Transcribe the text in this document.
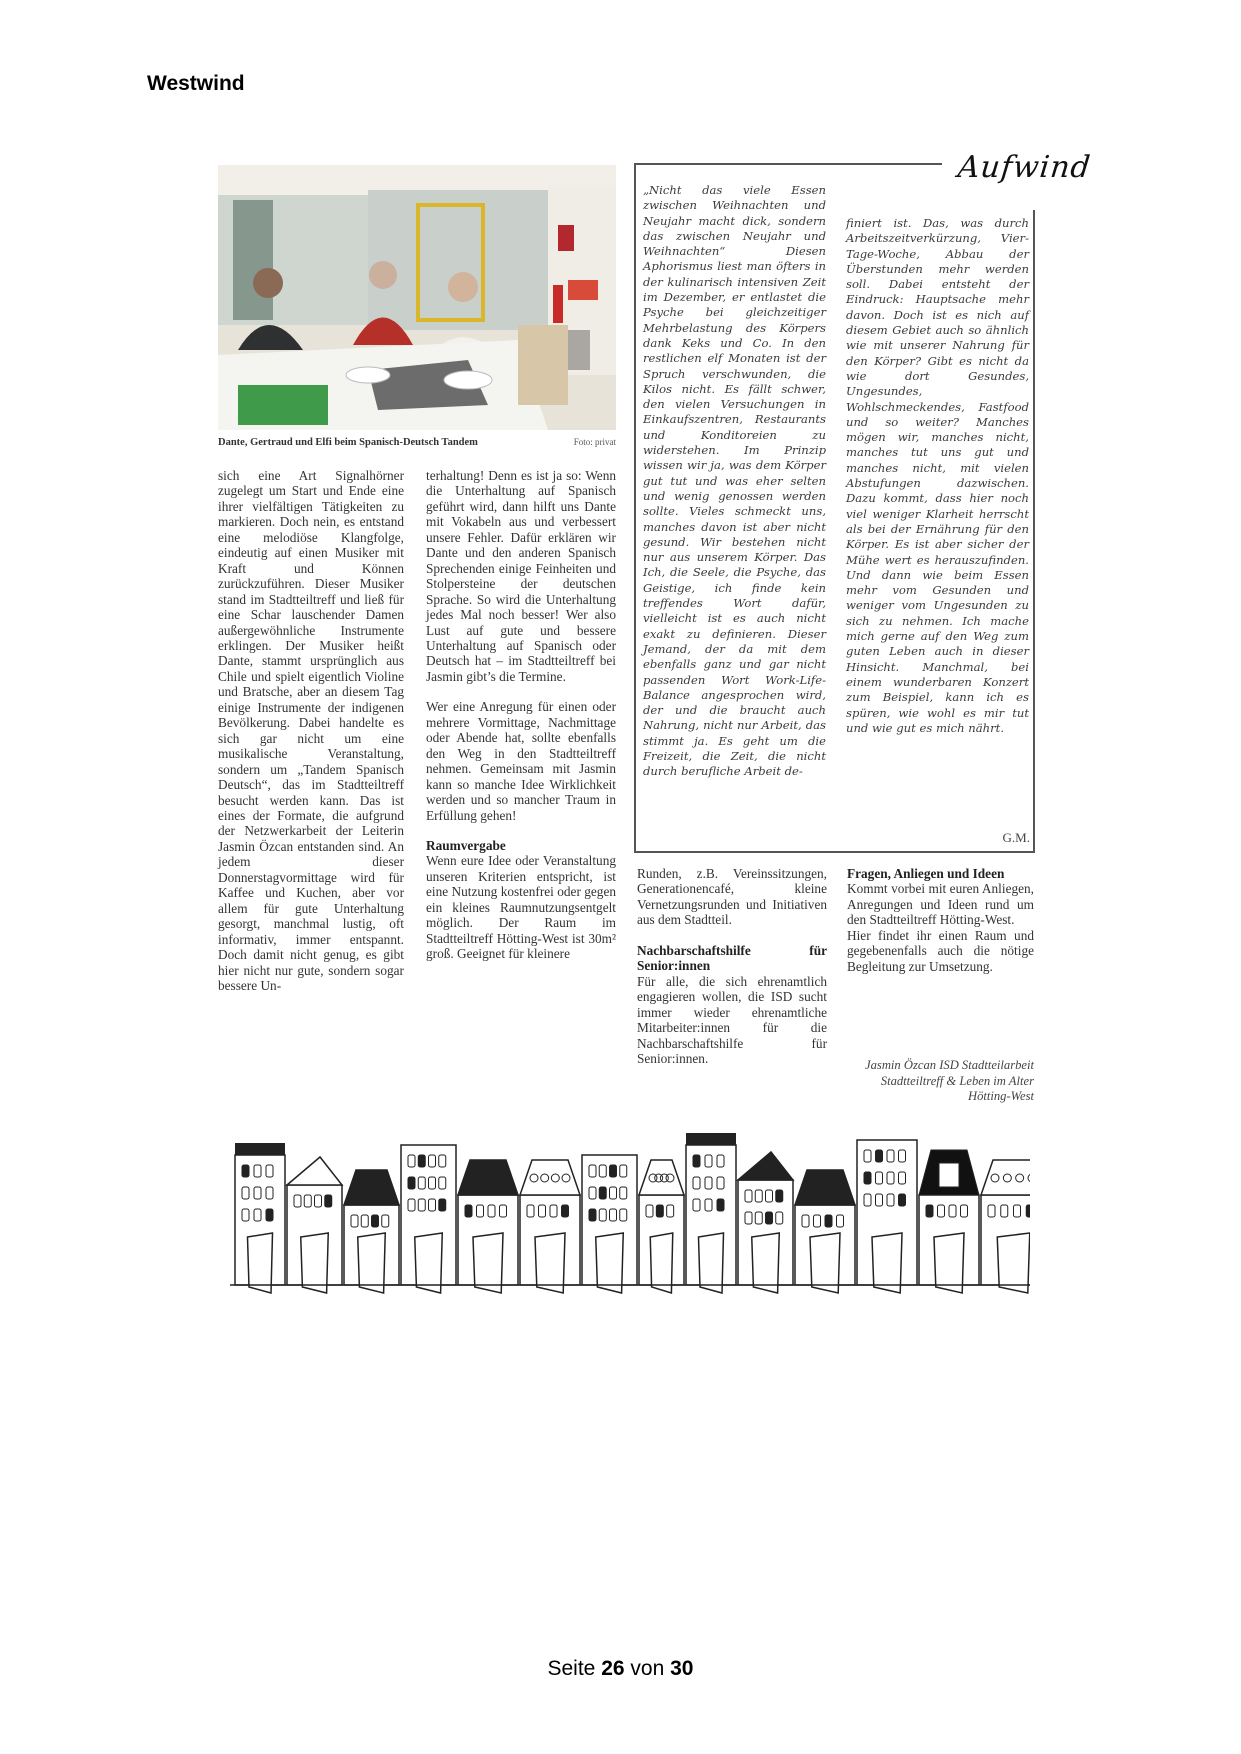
Westwind
Dante, Gertraud und Elfi beim Spanisch-Deutsch Tandem	Foto: privat

sich eine Art Signalhörner zugelegt um Start und Ende eine ihrer vielfältigen Tätigkeiten zu markieren. Doch nein, es entstand eine melodiöse Klangfolge, eindeutig auf einen Musiker mit Kraft und Können zurückzuführen. Dieser Musiker stand im Stadtteiltreff und ließ für eine Schar lauschender Damen außergewöhnliche Instrumente erklingen. Der Musiker heißt Dante, stammt ursprünglich aus Chile und spielt eigentlich Violine und Bratsche, aber an diesem Tag einige Instrumente der indigenen Bevölkerung. Dabei handelte es sich gar nicht um eine musikalische Veranstaltung, sondern um „Tandem Spanisch Deutsch“, das im Stadtteiltreff besucht werden kann. Das ist eines der Formate, die aufgrund der Netzwerkarbeit der Leiterin Jasmin Özcan entstanden sind. An jedem dieser Donnerstagvormittage wird für Kaffee und Kuchen, aber vor allem für gute Unterhaltung gesorgt, manchmal lustig, oft informativ, immer entspannt. Doch damit nicht genug, es gibt hier nicht nur gute, sondern sogar bessere Un-

terhaltung! Denn es ist ja so: Wenn die Unterhaltung auf Spanisch geführt wird, dann hilft uns Dante mit Vokabeln aus und verbessert unsere Fehler. Dafür erklären wir Dante und den anderen Spanisch Sprechenden einige Feinheiten und Stolpersteine der deutschen Sprache. So wird die Unterhaltung jedes Mal noch besser! Wer also Lust auf gute und bessere Unterhaltung auf Spanisch oder Deutsch hat – im Stadtteiltreff bei Jasmin gibt’s die Termine.

Wer eine Anregung für einen oder mehrere Vormittage, Nachmittage oder Abende hat, sollte ebenfalls den Weg in den Stadtteiltreff nehmen. Gemeinsam mit Jasmin kann so manche Idee Wirklichkeit werden und so mancher Traum in Erfüllung gehen!

Raumvergabe

Wenn eure Idee oder Veranstaltung unseren Kriterien entspricht, ist eine Nutzung kostenfrei oder gegen ein kleines Raumnutzungsentgelt möglich. Der Raum im Stadtteiltreff Hötting-West ist 30m² groß. Geeignet für kleinere

Aufwind

„Nicht das viele Essen zwischen Weihnachten und Neujahr macht dick, sondern das zwischen Neujahr und Weihnachten“ Diesen Aphorismus liest man öfters in der kulinarisch intensiven Zeit im Dezember, er entlastet die Psyche bei gleichzeitiger Mehrbelastung des Körpers dank Keks und Co. In den restlichen elf Monaten ist der Spruch verschwunden, die Kilos nicht. Es fällt schwer, den vielen Versuchungen in Einkaufszentren, Restaurants und Konditoreien zu widerstehen. Im Prinzip wissen wir ja, was dem Körper gut tut und was eher selten und wenig genossen werden sollte. Vieles schmeckt uns, manches davon ist aber nicht gesund. Wir bestehen nicht nur aus unserem Körper. Das Ich, die Seele, die Psyche, das Geistige, ich finde kein treffendes Wort dafür, vielleicht ist es auch nicht exakt zu definieren. Dieser Jemand, der da mit dem ebenfalls ganz und gar nicht passenden Wort Work-Life-Balance angesprochen wird, der und die braucht auch Nahrung, nicht nur Arbeit, das stimmt ja. Es geht um die Freizeit, die Zeit, die nicht durch berufliche Arbeit de-

finiert ist. Das, was durch Arbeitszeitverkürzung, Vier-Tage-Woche, Abbau der Überstunden mehr werden soll. Dabei entsteht der Eindruck: Hauptsache mehr davon. Doch ist es nich auf diesem Gebiet auch so ähnlich wie mit unserer Nahrung für den Körper? Gibt es nicht da wie dort Gesundes, Ungesundes, Wohlschmeckendes, Fastfood und so weiter? Manches mögen wir, manches nicht, manches tut uns gut und manches nicht, mit vielen Abstufungen dazwischen. Dazu kommt, dass hier noch viel weniger Klarheit herrscht als bei der Ernährung für den Körper. Es ist aber sicher der Mühe wert es herauszufinden. Und dann wie beim Essen mehr vom Gesunden und weniger vom Ungesunden zu sich zu nehmen. Ich mache mich gerne auf den Weg zum guten Leben auch in dieser Hinsicht. Manchmal, bei einem wunderbaren Konzert zum Beispiel, kann ich es spüren, wie wohl es mir tut und wie gut es mich nährt.

G.M.

Runden, z.B. Vereinssitzungen, Generationencafé, kleine Vernetzungsrunden und Initiativen aus dem Stadtteil.

Nachbarschaftshilfe für Senior:innen

Für alle, die sich ehrenamtlich engagieren wollen, die ISD sucht immer wieder ehrenamtliche Mitarbeiter:innen für die Nachbarschaftshilfe für Senior:innen.

Fragen, Anliegen und Ideen

Kommt vorbei mit euren Anliegen, Anregungen und Ideen rund um den Stadtteiltreff Hötting-West.

Hier findet ihr einen Raum und gegebenenfalls auch die nötige Begleitung zur Umsetzung.

Jasmin Özcan ISD Stadtteilarbeit Stadtteiltreff & Leben im Alter Hötting-West
Seite 26 von 30
